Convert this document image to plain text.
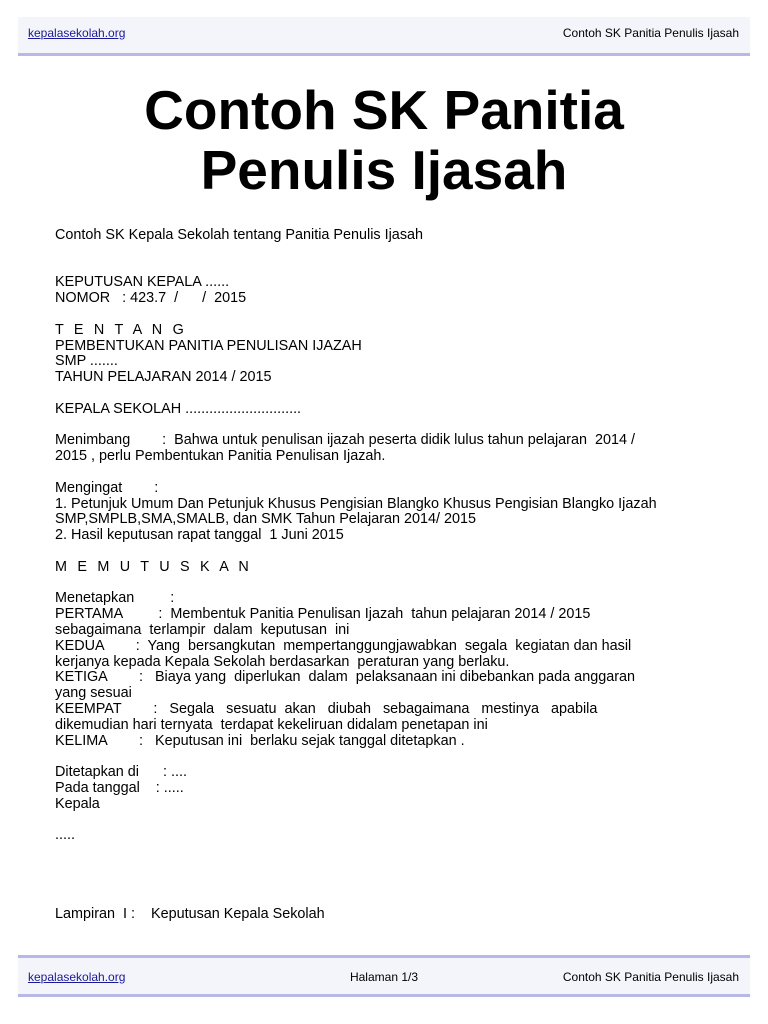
kepalasekolah.org	Contoh SK Panitia Penulis Ijasah
Contoh SK Panitia
Penulis Ijasah
Contoh SK Kepala Sekolah tentang Panitia Penulis Ijasah
KEPUTUSAN KEPALA ......
NOMOR   : 423.7  /      /  2015
T E N T A N G
PEMBENTUKAN PANITIA PENULISAN IJAZAH
SMP .......
TAHUN PELAJARAN 2014 / 2015
KEPALA SEKOLAH .............................
Menimbang        :  Bahwa untuk penulisan ijazah peserta didik lulus tahun pelajaran  2014 /
2015 , perlu Pembentukan Panitia Penulisan Ijazah.
Mengingat        :
1. Petunjuk Umum Dan Petunjuk Khusus Pengisian Blangko Khusus Pengisian Blangko Ijazah
SMP,SMPLB,SMA,SMALB, dan SMK Tahun Pelajaran 2014/ 2015
2. Hasil keputusan rapat tanggal  1 Juni 2015
M E M U T U S K A N
Menetapkan         :
PERTAMA         :  Membentuk Panitia Penulisan Ijazah  tahun pelajaran 2014 / 2015
sebagaimana  terlampir  dalam  keputusan  ini
KEDUA        :  Yang  bersangkutan  mempertanggungjawabkan  segala  kegiatan dan hasil
kerjanya kepada Kepala Sekolah berdasarkan  peraturan yang berlaku.
KETIGA        :   Biaya yang  diperlukan  dalam  pelaksanaan ini dibebankan pada anggaran
yang sesuai
KEEMPAT        :   Segala   sesuatu  akan   diubah   sebagaimana   mestinya   apabila
dikemudian hari ternyata  terdapat kekeliruan didalam penetapan ini
KELIMA        :   Keputusan ini  berlaku sejak tanggal ditetapkan .
Ditetapkan di      : ....
Pada tanggal    : .....
Kepala
.....
Lampiran  I :    Keputusan Kepala Sekolah
kepalasekolah.org	Halaman 1/3	Contoh SK Panitia Penulis Ijasah
